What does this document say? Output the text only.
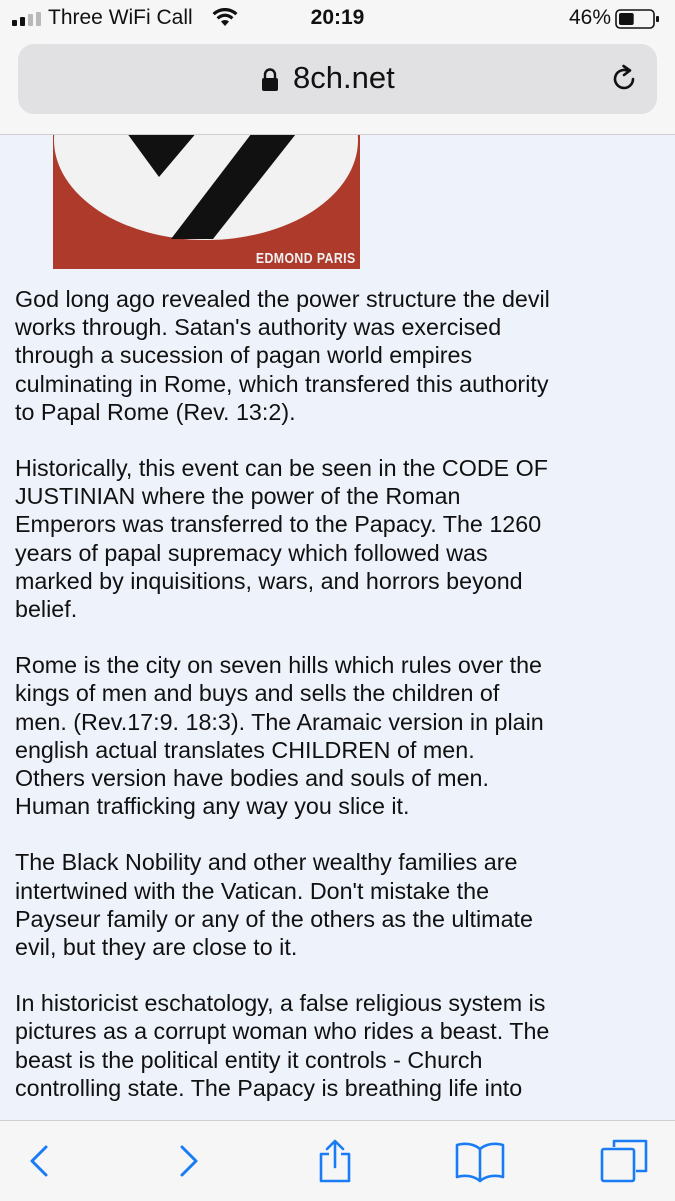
Three WiFi Call	20:19	46%
8ch.net
EDMOND PARIS

God long ago revealed the power structure the devil
works through. Satan's authority was exercised
through a sucession of pagan world empires
culminating in Rome, which transfered this authority
to Papal Rome (Rev. 13:2).

Historically, this event can be seen in the CODE OF
JUSTINIAN where the power of the Roman
Emperors was transferred to the Papacy. The 1260
years of papal supremacy which followed was
marked by inquisitions, wars, and horrors beyond
belief.

Rome is the city on seven hills which rules over the
kings of men and buys and sells the children of
men. (Rev.17:9. 18:3). The Aramaic version in plain
english actual translates CHILDREN of men.
Others version have bodies and souls of men.
Human trafficking any way you slice it.

The Black Nobility and other wealthy families are
intertwined with the Vatican. Don't mistake the
Payseur family or any of the others as the ultimate
evil, but they are close to it.

In historicist eschatology, a false religious system is
pictures as a corrupt woman who rides a beast. The
beast is the political entity it controls - Church
controlling state. The Papacy is breathing life into
